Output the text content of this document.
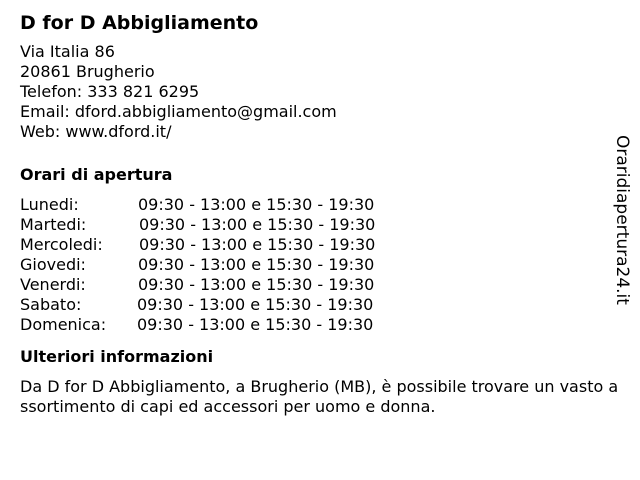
D for D Abbigliamento
Via Italia 86
20861 Brugherio
Telefon: 333 821 6295
Email: dford.abbigliamento@gmail.com
Web: www.dford.it/
Orari di apertura
Lunedi:	09:30 - 13:00 e 15:30 - 19:30
Martedi:	09:30 - 13:00 e 15:30 - 19:30
Mercoledi: 09:30 - 13:00 e 15:30 - 19:30
Giovedi:	09:30 - 13:00 e 15:30 - 19:30
Venerdi:	09:30 - 13:00 e 15:30 - 19:30
Sabato:	09:30 - 13:00 e 15:30 - 19:30
Domenica: 09:30 - 13:00 e 15:30 - 19:30
Ulteriori informazioni
Da D for D Abbigliamento, a Brugherio (MB), è possibile trovare un vasto assortimento di capi ed accessori per uomo e donna.
Oraridiapertura24.it
